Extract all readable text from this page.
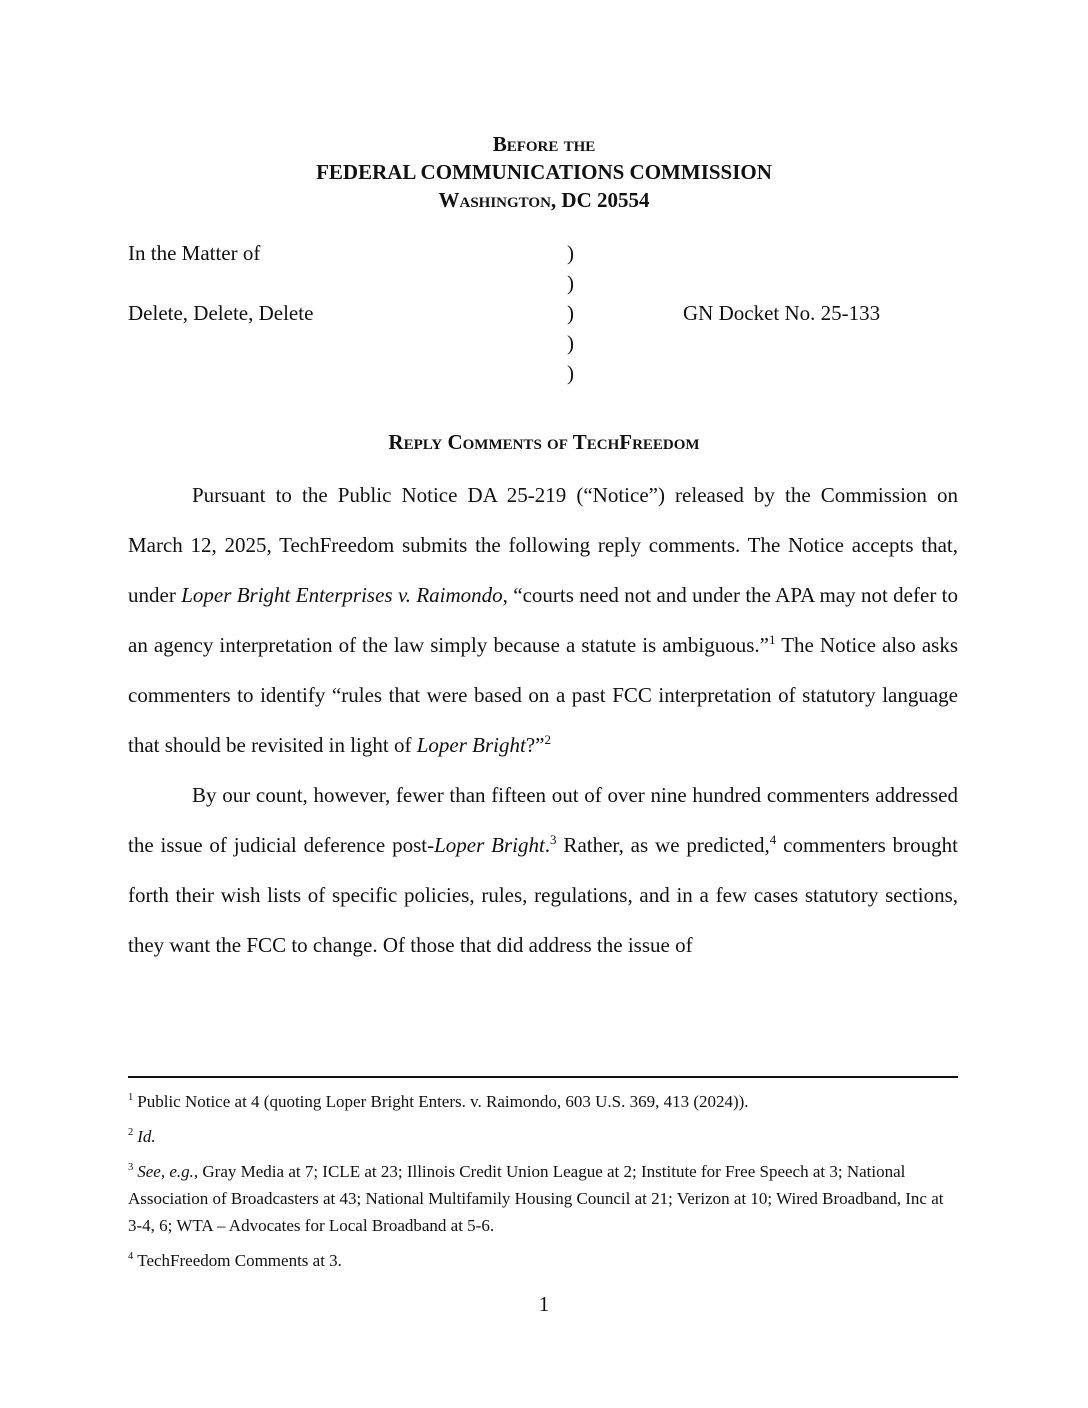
Before the
FEDERAL COMMUNICATIONS COMMISSION
Washington, DC 20554
In the Matter of
Delete, Delete, Delete
)
)
)
)
)
GN Docket No. 25-133
Reply Comments of TechFreedom

Pursuant to the Public Notice DA 25-219 (“Notice”) released by the Commission on March 12, 2025, TechFreedom submits the following reply comments. The Notice accepts that, under Loper Bright Enterprises v. Raimondo, “courts need not and under the APA may not defer to an agency interpretation of the law simply because a statute is ambiguous.”$^1$ The Notice also asks commenters to identify “rules that were based on a past FCC interpretation of statutory language that should be revisited in light of Loper Bright?”$^2$

By our count, however, fewer than fifteen out of over nine hundred commenters addressed the issue of judicial deference post-Loper Bright.$^3$ Rather, as we predicted,$^4$ commenters brought forth their wish lists of specific policies, rules, regulations, and in a few cases statutory sections, they want the FCC to change. Of those that did address the issue of

$^1$ Public Notice at 4 (quoting Loper Bright Enters. v. Raimondo, 603 U.S. 369, 413 (2024)).

$^2$ Id.

$^3$ See, e.g., Gray Media at 7; ICLE at 23; Illinois Credit Union League at 2; Institute for Free Speech at 3; National Association of Broadcasters at 43; National Multifamily Housing Council at 21; Verizon at 10; Wired Broadband, Inc at 3-4, 6; WTA – Advocates for Local Broadband at 5-6.

$^4$ TechFreedom Comments at 3.

1
